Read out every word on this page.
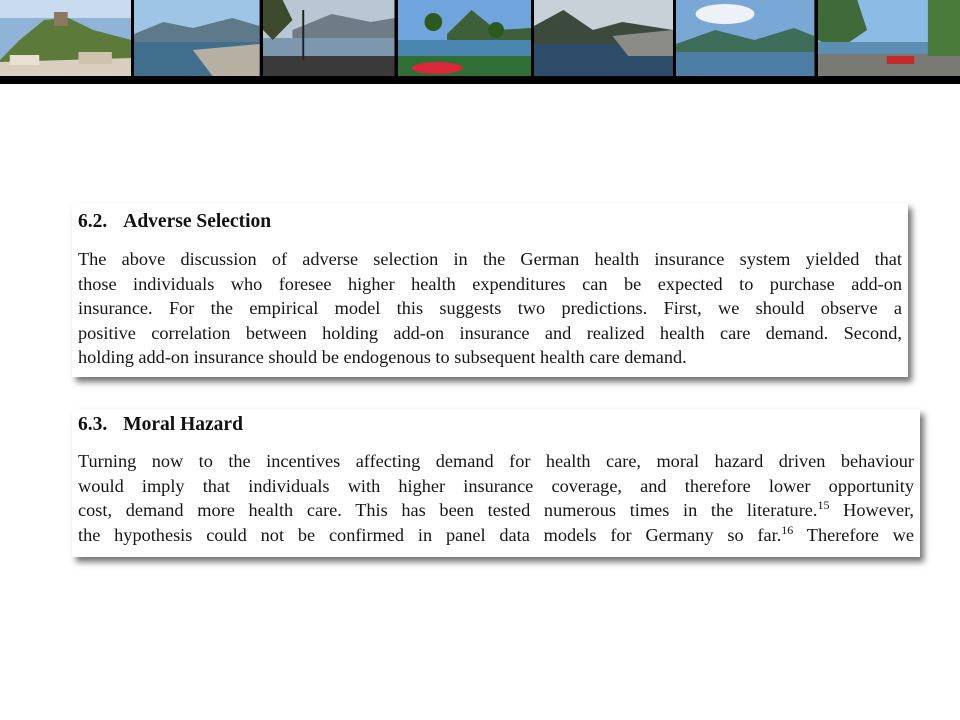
6.2. Adverse Selection

The above discussion of adverse selection in the German health insurance system yielded that
those individuals who foresee higher health expenditures can be expected to purchase add-on
insurance. For the empirical model this suggests two predictions. First, we should observe a
positive correlation between holding add-on insurance and realized health care demand. Second,
holding add-on insurance should be endogenous to subsequent health care demand.

6.3. Moral Hazard

Turning now to the incentives affecting demand for health care, moral hazard driven behaviour
would imply that individuals with higher insurance coverage, and therefore lower opportunity
cost, demand more health care. This has been tested numerous times in the literature.$^{15}$ However,
the hypothesis could not be confirmed in panel data models for Germany so far.$^{16}$ Therefore we
